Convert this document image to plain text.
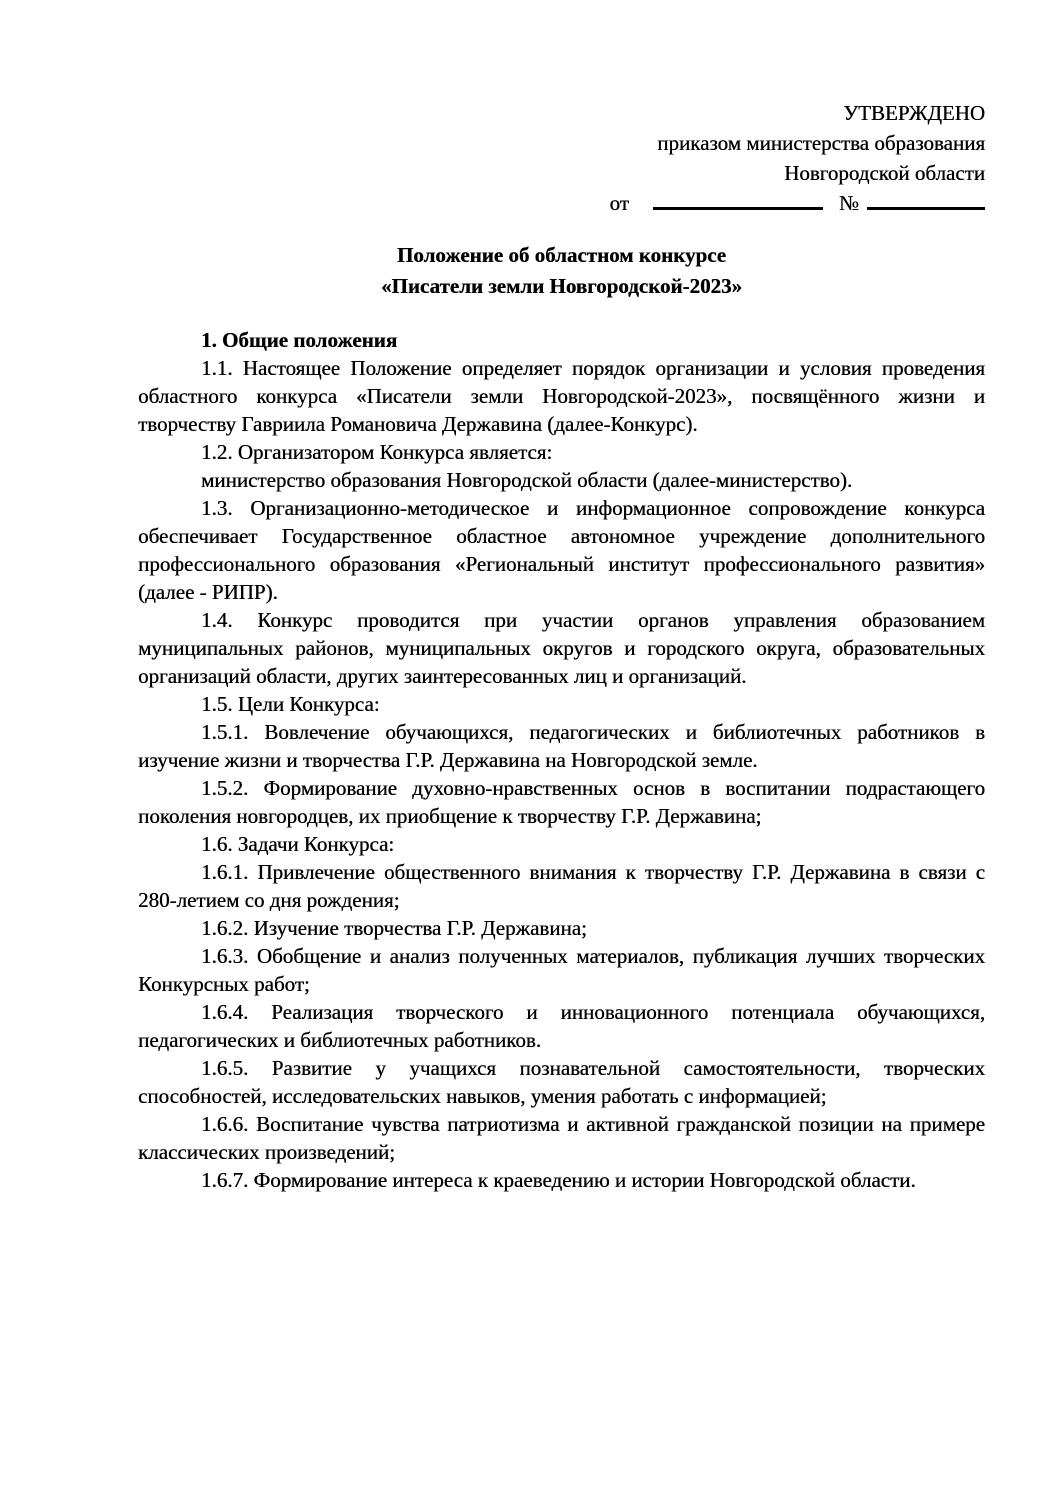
УТВЕРЖДЕНО
приказом министерства образования
Новгородской области
от	№
Положение об областном конкурсе
«Писатели земли Новгородской-2023»
1. Общие положения

1.1. Настоящее Положение определяет порядок организации и условия проведения областного конкурса «Писатели земли Новгородской-2023», посвящённого жизни и творчеству Гавриила Романовича Державина (далее-Конкурс).

1.2. Организатором Конкурса является:

министерство образования Новгородской области (далее-министерство).

1.3. Организационно-методическое и информационное сопровождение конкурса обеспечивает Государственное областное автономное учреждение дополнительного профессионального образования «Региональный институт профессионального развития» (далее - РИПР).

1.4. Конкурс проводится при участии органов управления образованием муниципальных районов, муниципальных округов и городского округа, образовательных организаций области, других заинтересованных лиц и организаций.

1.5. Цели Конкурса:

1.5.1. Вовлечение обучающихся, педагогических и библиотечных работников в изучение жизни и творчества Г.Р. Державина на Новгородской земле.

1.5.2. Формирование духовно-нравственных основ в воспитании подрастающего поколения новгородцев, их приобщение к творчеству Г.Р. Державина;

1.6. Задачи Конкурса:

1.6.1. Привлечение общественного внимания к творчеству Г.Р. Державина в связи с 280-летием со дня рождения;

1.6.2. Изучение творчества Г.Р. Державина;

1.6.3. Обобщение и анализ полученных материалов, публикация лучших творческих Конкурсных работ;

1.6.4. Реализация творческого и инновационного потенциала обучающихся, педагогических и библиотечных работников.

1.6.5. Развитие у учащихся познавательной самостоятельности, творческих способностей, исследовательских навыков, умения работать с информацией;

1.6.6. Воспитание чувства патриотизма и активной гражданской позиции на примере классических произведений;

1.6.7. Формирование интереса к краеведению и истории Новгородской области.
